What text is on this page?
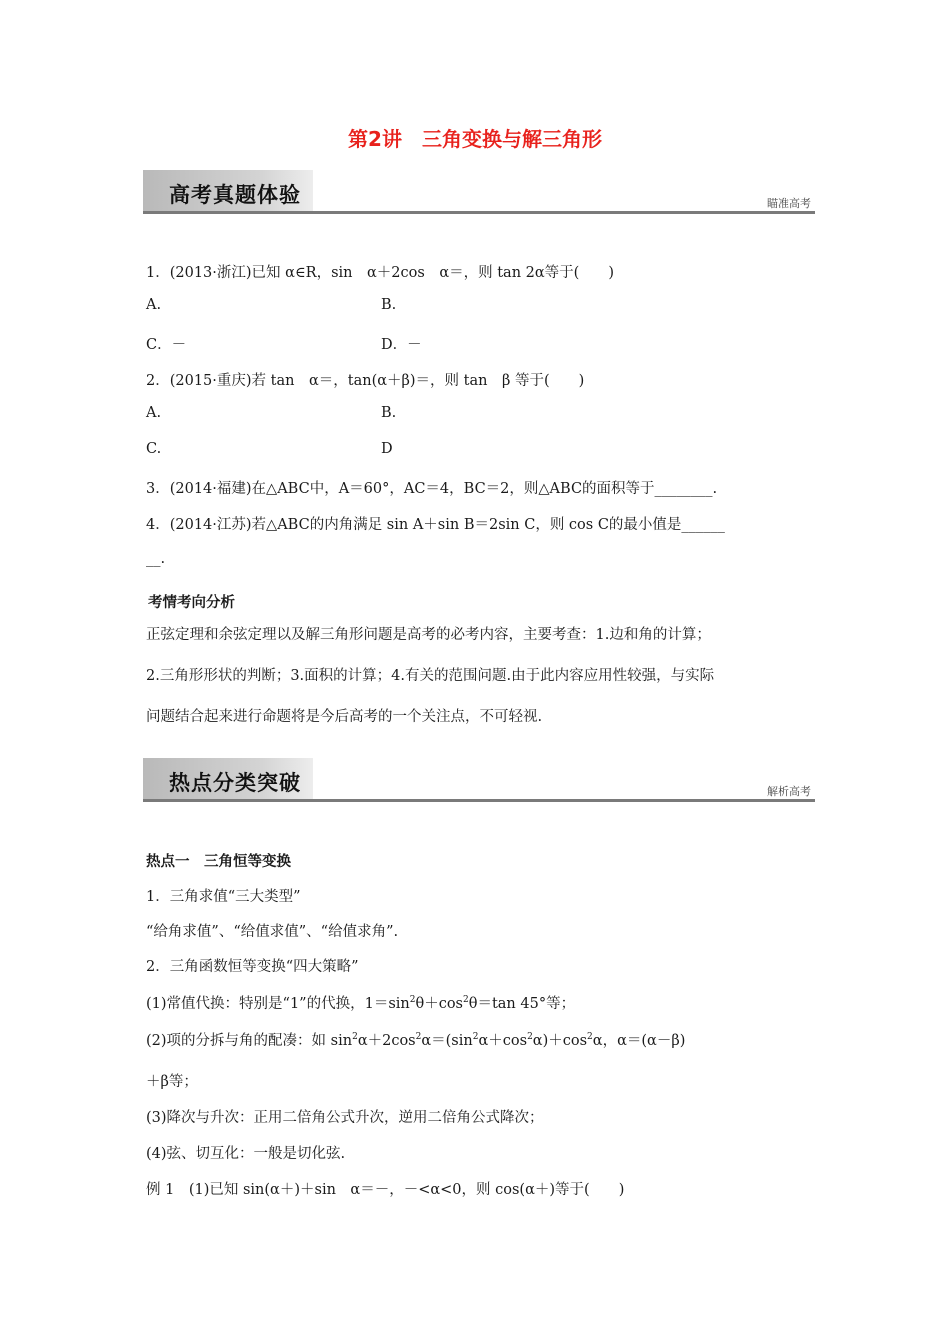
第2讲　三角变换与解三角形
高考真题体验	瞄准高考
1．(2013·浙江)已知 α∈R，sin　α＋2cos　α＝，则 tan 2α等于(　　)
A.	B.
C．－	D．－
2．(2015·重庆)若 tan　α＝，tan(α＋β)＝，则 tan　β 等于(　　)
A.	B.
C.	D
3．(2014·福建)在△ABC中，A＝60°，AC＝4，BC＝2，则△ABC的面积等于________.
4．(2014·江苏)若△ABC的内角满足 sin A＋sin B＝2sin C，则 cos C的最小值是______
__.
考情考向分析
正弦定理和余弦定理以及解三角形问题是高考的必考内容，主要考查：1.边和角的计算；
2.三角形形状的判断；3.面积的计算；4.有关的范围问题.由于此内容应用性较强，与实际
问题结合起来进行命题将是今后高考的一个关注点，不可轻视.
热点分类突破	解析高考
热点一　三角恒等变换
1．三角求值“三大类型”
“给角求值”、“给值求值”、“给值求角”.
2．三角函数恒等变换“四大策略”
(1)常值代换：特别是“1”的代换，$1=\sin^2\theta+\cos^2\theta=\tan$ 45°等；
(2)项的分拆与角的配凑：如 $\sin^2\alpha+2\cos^2\alpha=(\sin^2\alpha+\cos^2\alpha)+\cos^2\alpha$，α＝(α－β)
＋β等；
(3)降次与升次：正用二倍角公式升次，逆用二倍角公式降次；
(4)弦、切互化：一般是切化弦.
例 1　(1)已知 sin(α＋)＋sin　α＝－，－<α<0，则 cos(α＋)等于(　　)
